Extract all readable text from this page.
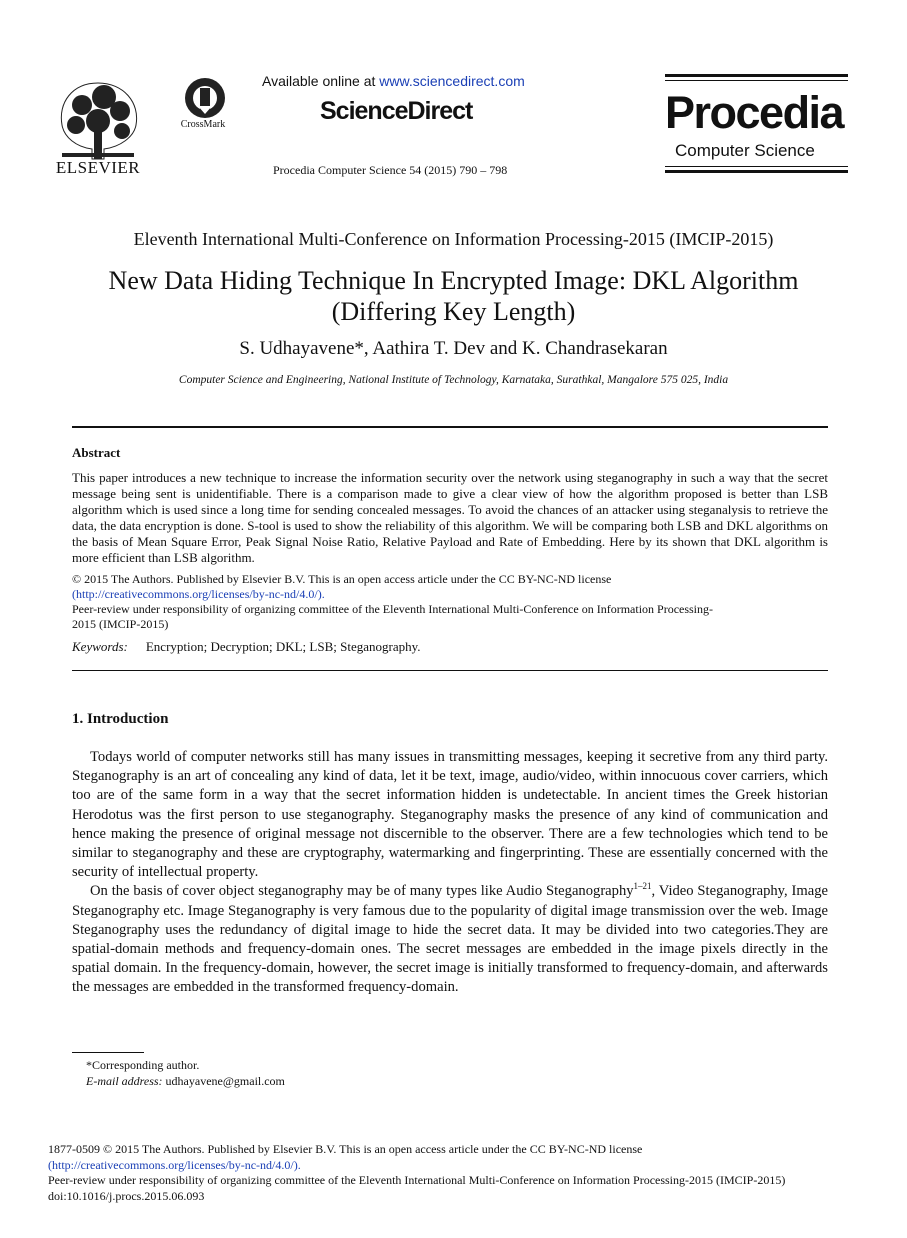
ELSEVIER
CrossMark
Available online at www.sciencedirect.com
ScienceDirect
Procedia Computer Science 54 (2015) 790 – 798
Procedia
Computer Science
Eleventh International Multi-Conference on Information Processing-2015 (IMCIP-2015)
New Data Hiding Technique In Encrypted Image: DKL Algorithm
(Differing Key Length)
S. Udhayavene*, Aathira T. Dev and K. Chandrasekaran
Computer Science and Engineering, National Institute of Technology, Karnataka, Surathkal, Mangalore 575 025, India
Abstract
This paper introduces a new technique to increase the information security over the network using steganography in such a way that the secret message being sent is unidentifiable. There is a comparison made to give a clear view of how the algorithm proposed is better than LSB algorithm which is used since a long time for sending concealed messages. To avoid the chances of an attacker using steganalysis to retrieve the data, the data encryption is done. S-tool is used to show the reliability of this algorithm. We will be comparing both LSB and DKL algorithms on the basis of Mean Square Error, Peak Signal Noise Ratio, Relative Payload and Rate of Embedding. Here by its shown that DKL algorithm is more efficient than LSB algorithm.
© 2015 The Authors. Published by Elsevier B.V. This is an open access article under the CC BY-NC-ND license
(http://creativecommons.org/licenses/by-nc-nd/4.0/).
Peer-review under responsibility of organizing committee of the Eleventh International Multi-Conference on Information Processing-2015 (IMCIP-2015)
Keywords: Encryption; Decryption; DKL; LSB; Steganography.
1. Introduction

Todays world of computer networks still has many issues in transmitting messages, keeping it secretive from any third party. Steganography is an art of concealing any kind of data, let it be text, image, audio/video, within innocuous cover carriers, which too are of the same form in a way that the secret information hidden is undetectable. In ancient times the Greek historian Herodotus was the first person to use steganography. Steganography masks the presence of any kind of communication and hence making the presence of original message not discernible to the observer. There are a few technologies which tend to be similar to steganography and these are cryptography, watermarking and fingerprinting. These are essentially concerned with the security of intellectual property.

On the basis of cover object steganography may be of many types like Audio Steganography$^{1-21}$, Video Steganography, Image Steganography etc. Image Steganography is very famous due to the popularity of digital image transmission over the web. Image Steganography uses the redundancy of digital image to hide the secret data. It may be divided into two categories.They are spatial-domain methods and frequency-domain ones. The secret messages are embedded in the image pixels directly in the spatial domain. In the frequency-domain, however, the secret image is initially transformed to frequency-domain, and afterwards the messages are embedded in the transformed frequency-domain.

*Corresponding author.
E-mail address: udhayavene@gmail.com
1877-0509 © 2015 The Authors. Published by Elsevier B.V. This is an open access article under the CC BY-NC-ND license
(http://creativecommons.org/licenses/by-nc-nd/4.0/).
Peer-review under responsibility of organizing committee of the Eleventh International Multi-Conference on Information Processing-2015 (IMCIP-2015)
doi:10.1016/j.procs.2015.06.093
